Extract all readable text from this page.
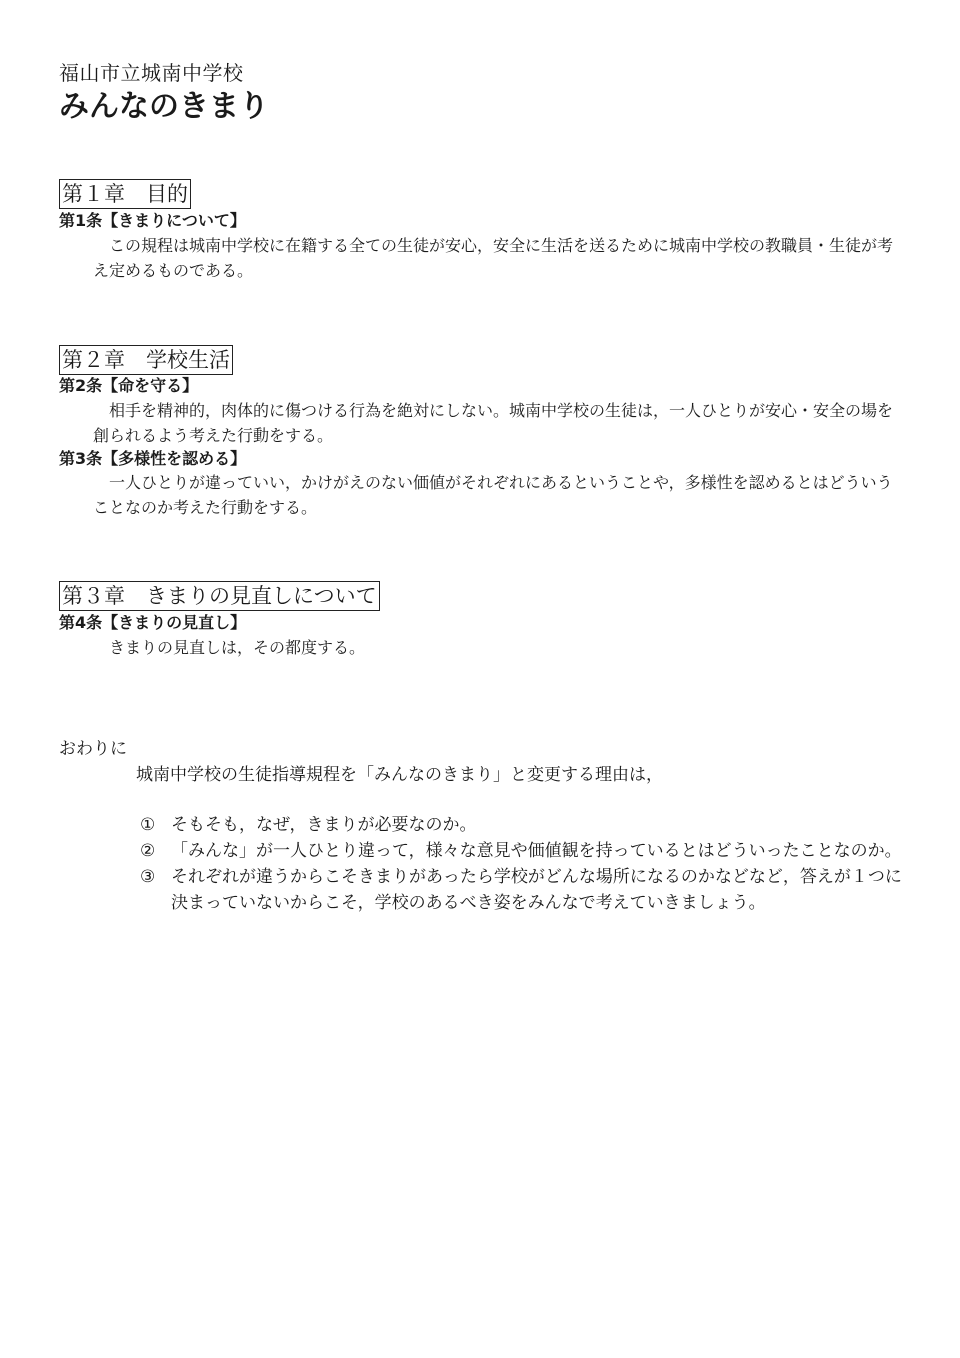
福山市立城南中学校
みんなのきまり
第１章　目的
第1条【きまりについて】

この規程は城南中学校に在籍する全ての生徒が安心，安全に生活を送るために城南中学校の教職員・生徒が考え定めるものである。

第２章　学校生活
第2条【命を守る】

相手を精神的，肉体的に傷つける行為を絶対にしない。城南中学校の生徒は，一人ひとりが安心・安全の場を創られるよう考えた行動をする。

第3条【多様性を認める】

一人ひとりが違っていい，かけがえのない価値がそれぞれにあるということや，多様性を認めるとはどういうことなのか考えた行動をする。

第３章　きまりの見直しについて
第4条【きまりの見直し】

きまりの見直しは，その都度する。

おわりに
城南中学校の生徒指導規程を「みんなのきまり」と変更する理由は，
① そもそも，なぜ，きまりが必要なのか。
② 「みんな」が一人ひとり違って，様々な意見や価値観を持っているとはどういったことなのか。
③ それぞれが違うからこそきまりがあったら学校がどんな場所になるのかなどなど，答えが１つに決まっていないからこそ，学校のあるべき姿をみんなで考えていきましょう。
